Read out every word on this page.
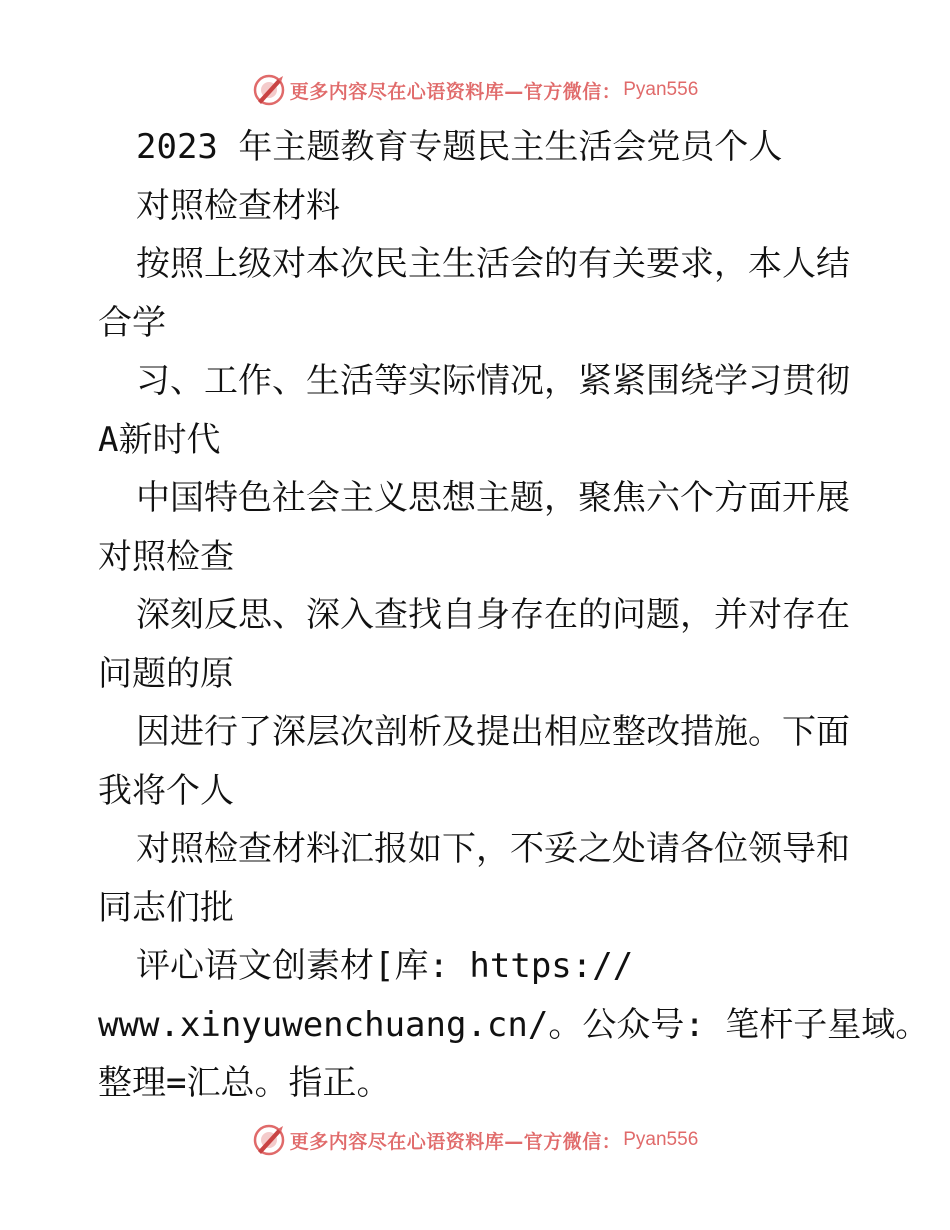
更多内容尽在心语资料库—官方微信： Pyan556
2023 年主题教育专题民主生活会党员个人
对照检查材料
按照上级对本次民主生活会的有关要求，本人结
合学
习、工作、生活等实际情况，紧紧围绕学习贯彻
A新时代
中国特色社会主义思想主题，聚焦六个方面开展
对照检查
深刻反思、深入查找自身存在的问题，并对存在
问题的原
因进行了深层次剖析及提出相应整改措施。下面
我将个人
对照检查材料汇报如下，不妥之处请各位领导和
同志们批
评心语文创素材[库: https://
www.xinyuwenchuang.cn/。公众号: 笔杆子星域。
整理=汇总。指正。
更多内容尽在心语资料库—官方微信： Pyan556
